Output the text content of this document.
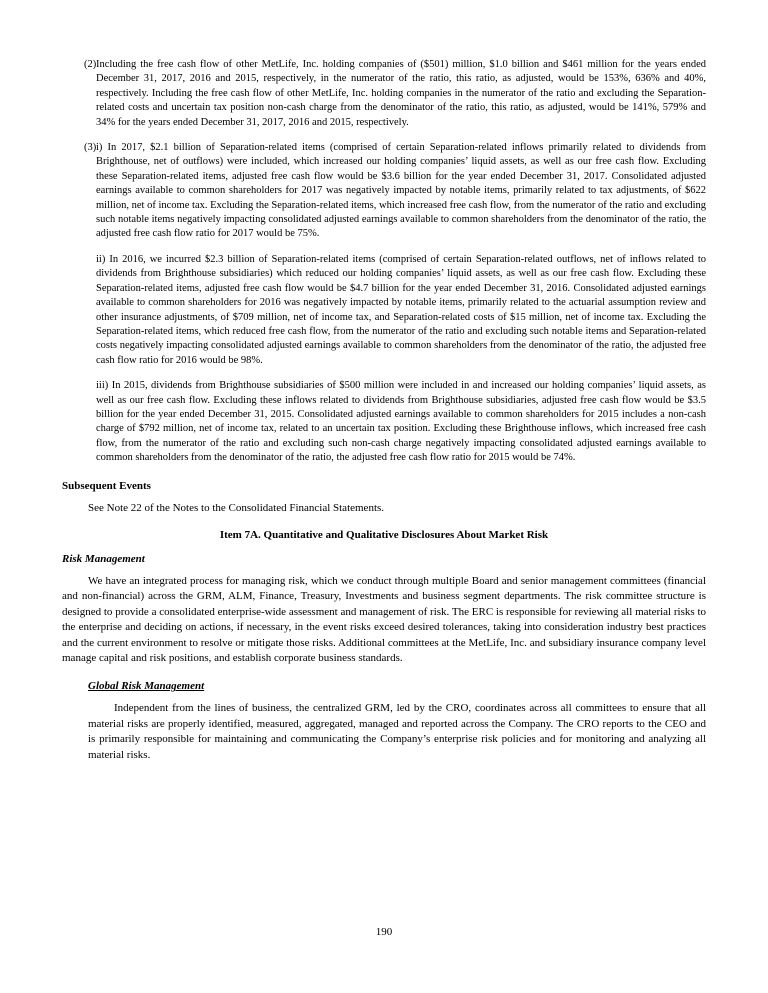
(2) Including the free cash flow of other MetLife, Inc. holding companies of ($501) million, $1.0 billion and $461 million for the years ended December 31, 2017, 2016 and 2015, respectively, in the numerator of the ratio, this ratio, as adjusted, would be 153%, 636% and 40%, respectively. Including the free cash flow of other MetLife, Inc. holding companies in the numerator of the ratio and excluding the Separation-related costs and uncertain tax position non-cash charge from the denominator of the ratio, this ratio, as adjusted, would be 141%, 579% and 34% for the years ended December 31, 2017, 2016 and 2015, respectively.

(3) i) In 2017, $2.1 billion of Separation-related items (comprised of certain Separation-related inflows primarily related to dividends from Brighthouse, net of outflows) were included, which increased our holding companies’ liquid assets, as well as our free cash flow. Excluding these Separation-related items, adjusted free cash flow would be $3.6 billion for the year ended December 31, 2017. Consolidated adjusted earnings available to common shareholders for 2017 was negatively impacted by notable items, primarily related to tax adjustments, of $622 million, net of income tax. Excluding the Separation-related items, which increased free cash flow, from the numerator of the ratio and excluding such notable items negatively impacting consolidated adjusted earnings available to common shareholders from the denominator of the ratio, the adjusted free cash flow ratio for 2017 would be 75%.

ii) In 2016, we incurred $2.3 billion of Separation-related items (comprised of certain Separation-related outflows, net of inflows related to dividends from Brighthouse subsidiaries) which reduced our holding companies’ liquid assets, as well as our free cash flow. Excluding these Separation-related items, adjusted free cash flow would be $4.7 billion for the year ended December 31, 2016. Consolidated adjusted earnings available to common shareholders for 2016 was negatively impacted by notable items, primarily related to the actuarial assumption review and other insurance adjustments, of $709 million, net of income tax, and Separation-related costs of $15 million, net of income tax. Excluding the Separation-related items, which reduced free cash flow, from the numerator of the ratio and excluding such notable items and Separation-related costs negatively impacting consolidated adjusted earnings available to common shareholders from the denominator of the ratio, the adjusted free cash flow ratio for 2016 would be 98%.

iii) In 2015, dividends from Brighthouse subsidiaries of $500 million were included in and increased our holding companies’ liquid assets, as well as our free cash flow. Excluding these inflows related to dividends from Brighthouse subsidiaries, adjusted free cash flow would be $3.5 billion for the year ended December 31, 2015. Consolidated adjusted earnings available to common shareholders for 2015 includes a non-cash charge of $792 million, net of income tax, related to an uncertain tax position. Excluding these Brighthouse inflows, which increased free cash flow, from the numerator of the ratio and excluding such non-cash charge negatively impacting consolidated adjusted earnings available to common shareholders from the denominator of the ratio, the adjusted free cash flow ratio for 2015 would be 74%.

Subsequent Events
See Note 22 of the Notes to the Consolidated Financial Statements.
Item 7A. Quantitative and Qualitative Disclosures About Market Risk
Risk Management
We have an integrated process for managing risk, which we conduct through multiple Board and senior management committees (financial and non-financial) across the GRM, ALM, Finance, Treasury, Investments and business segment departments. The risk committee structure is designed to provide a consolidated enterprise-wide assessment and management of risk. The ERC is responsible for reviewing all material risks to the enterprise and deciding on actions, if necessary, in the event risks exceed desired tolerances, taking into consideration industry best practices and the current environment to resolve or mitigate those risks. Additional committees at the MetLife, Inc. and subsidiary insurance company level manage capital and risk positions, and establish corporate business standards.
Global Risk Management
Independent from the lines of business, the centralized GRM, led by the CRO, coordinates across all committees to ensure that all material risks are properly identified, measured, aggregated, managed and reported across the Company. The CRO reports to the CEO and is primarily responsible for maintaining and communicating the Company’s enterprise risk policies and for monitoring and analyzing all material risks.
190
